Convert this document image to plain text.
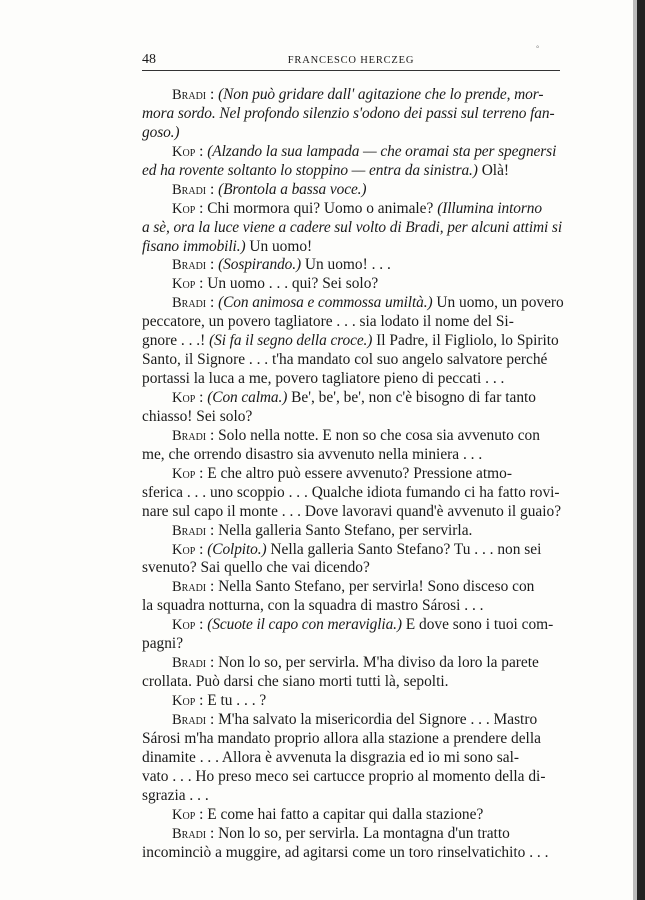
°
48	FRANCESCO HERCZEG
Bradi : (Non può gridare dall' agitazione che lo prende, mor-
mora sordo. Nel profondo silenzio s'odono dei passi sul terreno fan-
goso.)
Kop : (Alzando la sua lampada — che oramai sta per spegnersi
ed ha rovente soltanto lo stoppino — entra da sinistra.) Olà!
Bradi : (Brontola a bassa voce.)
Kop : Chi mormora qui? Uomo o animale? (Illumina intorno
a sè, ora la luce viene a cadere sul volto di Bradi, per alcuni attimi si
fisano immobili.) Un uomo!
Bradi : (Sospirando.) Un uomo! . . .
Kop : Un uomo . . . qui? Sei solo?
Bradi : (Con animosa e commossa umiltà.) Un uomo, un povero
peccatore, un povero tagliatore . . . sia lodato il nome del Si-
gnore . . .! (Si fa il segno della croce.) Il Padre, il Figliolo, lo Spirito
Santo, il Signore . . . t'ha mandato col suo angelo salvatore perché
portassi la luca a me, povero tagliatore pieno di peccati . . .
Kop : (Con calma.) Be', be', be', non c'è bisogno di far tanto
chiasso! Sei solo?
Bradi : Solo nella notte. E non so che cosa sia avvenuto con
me, che orrendo disastro sia avvenuto nella miniera . . .
Kop : E che altro può essere avvenuto? Pressione atmo-
sferica . . . uno scoppio . . . Qualche idiota fumando ci ha fatto rovi-
nare sul capo il monte . . . Dove lavoravi quand'è avvenuto il guaio?
Bradi : Nella galleria Santo Stefano, per servirla.
Kop : (Colpito.) Nella galleria Santo Stefano? Tu . . . non sei
svenuto? Sai quello che vai dicendo?
Bradi : Nella Santo Stefano, per servirla! Sono disceso con
la squadra notturna, con la squadra di mastro Sárosi . . .
Kop : (Scuote il capo con meraviglia.) E dove sono i tuoi com-
pagni?
Bradi : Non lo so, per servirla. M'ha diviso da loro la parete
crollata. Può darsi che siano morti tutti là, sepolti.
Kop : E tu . . . ?
Bradi : M'ha salvato la misericordia del Signore . . . Mastro
Sárosi m'ha mandato proprio allora alla stazione a prendere della
dinamite . . . Allora è avvenuta la disgrazia ed io mi sono sal-
vato . . . Ho preso meco sei cartucce proprio al momento della di-
sgrazia . . .
Kop : E come hai fatto a capitar qui dalla stazione?
Bradi : Non lo so, per servirla. La montagna d'un tratto
incominciò a muggire, ad agitarsi come un toro rinselvatichito . . .
